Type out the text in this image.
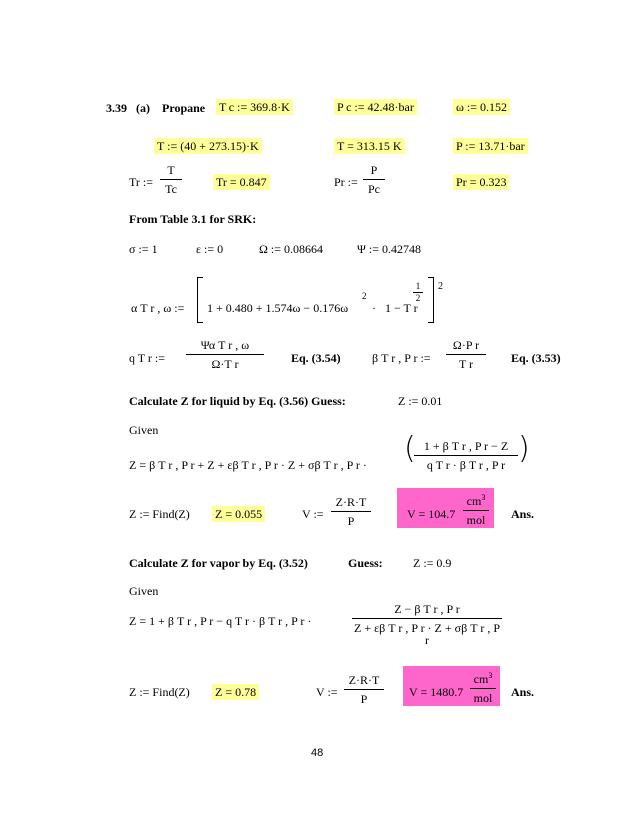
3.39 (a) Propane T c := 369.8·K	P c := 42.48·bar	ω := 0.152
T := (40 + 273.15)·K	T = 313.15 K	P := 13.71·bar
Tr :=
T
Tc	Tr = 0.847	Pr :=
P
Pc	Pr = 0.323
From Table 3.1 for SRK:
σ := 1	ε := 0	Ω := 0.08664	Ψ := 0.42748
α T r , ω := 1 + 0.480 + 1.574ω − 0.176ω
2
· 1 − T r
1
2
2
q T r :=
Ψα T r , ω
Ω·T r	Eq. (3.54)	β T r , P r :=
Ω·P r
T r	Eq. (3.53)
Calculate Z for liquid by Eq. (3.56) Guess:	Z := 0.01
Given
Z = β T r , P r + Z + εβ T r , P r · Z + σβ T r , P r ·
1 + β T r , P r − Z
q T r · β T r , P r
(	)
Z := Find(Z) Z = 0.055	V :=
Z·R·T
P	V = 104.7
$cm^3$
mol	Ans.
Calculate Z for vapor by Eq. (3.52)	Guess:	Z := 0.9
Given
Z = 1 + β T r , P r − q T r · β T r , P r ·
Z − β T r , P r
Z + εβ T r , P r · Z + σβ T r , P r
Z := Find(Z) Z = 0.78	V :=
Z·R·T
P	V = 1480.7
$cm^3$
mol	Ans.
48
